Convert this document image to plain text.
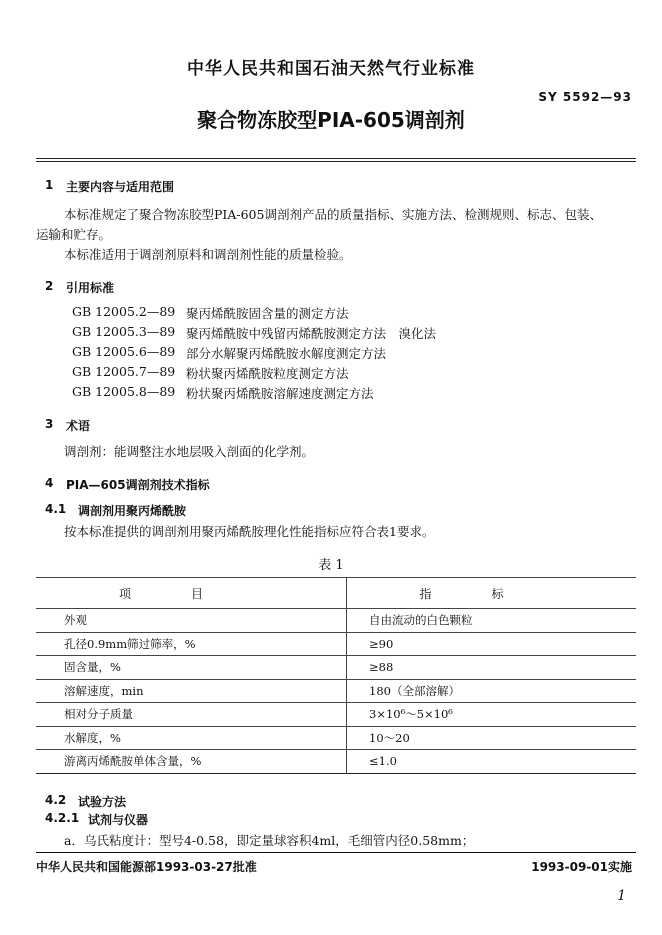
中华人民共和国石油天然气行业标准
SY 5592—93
聚合物冻胶型PIA-605调剖剂
1 主要内容与适用范围
本标准规定了聚合物冻胶型PIA-605调剖剂产品的质量指标、实施方法、检测规则、标志、包装、
运输和贮存。
本标准适用于调剖剂原料和调剖剂性能的质量检验。
2 引用标准
GB 12005.2—89 聚丙烯酰胺固含量的测定方法
GB 12005.3—89 聚丙烯酰胺中残留丙烯酰胺测定方法　溴化法
GB 12005.6—89 部分水解聚丙烯酰胺水解度测定方法
GB 12005.7—89 粉状聚丙烯酰胺粒度测定方法
GB 12005.8—89 粉状聚丙烯酰胺溶解速度测定方法
3 术语
调剖剂：能调整注水地层吸入剖面的化学剂。
4 PIA—605调剖剂技术指标
4.1 调剖剂用聚丙烯酰胺
按本标准提供的调剖剂用聚丙烯酰胺理化性能指标应符合表1要求。
表 1
项目	指标
外观	自由流动的白色颗粒
孔径0.9mm筛过筛率，%	≥90
固含量，%	≥88
溶解速度，min	180（全部溶解）
相对分子质量	3×10⁶～5×10⁶
水解度，%	10～20
游离丙烯酰胺单体含量，%	≤1.0
4.2 试验方法
4.2.1 试剂与仪器
a．乌氏粘度计：型号4-0.58，即定量球容积4ml，毛细管内径0.58mm；
中华人民共和国能源部1993-03-27批准	1993-09-01实施
1
